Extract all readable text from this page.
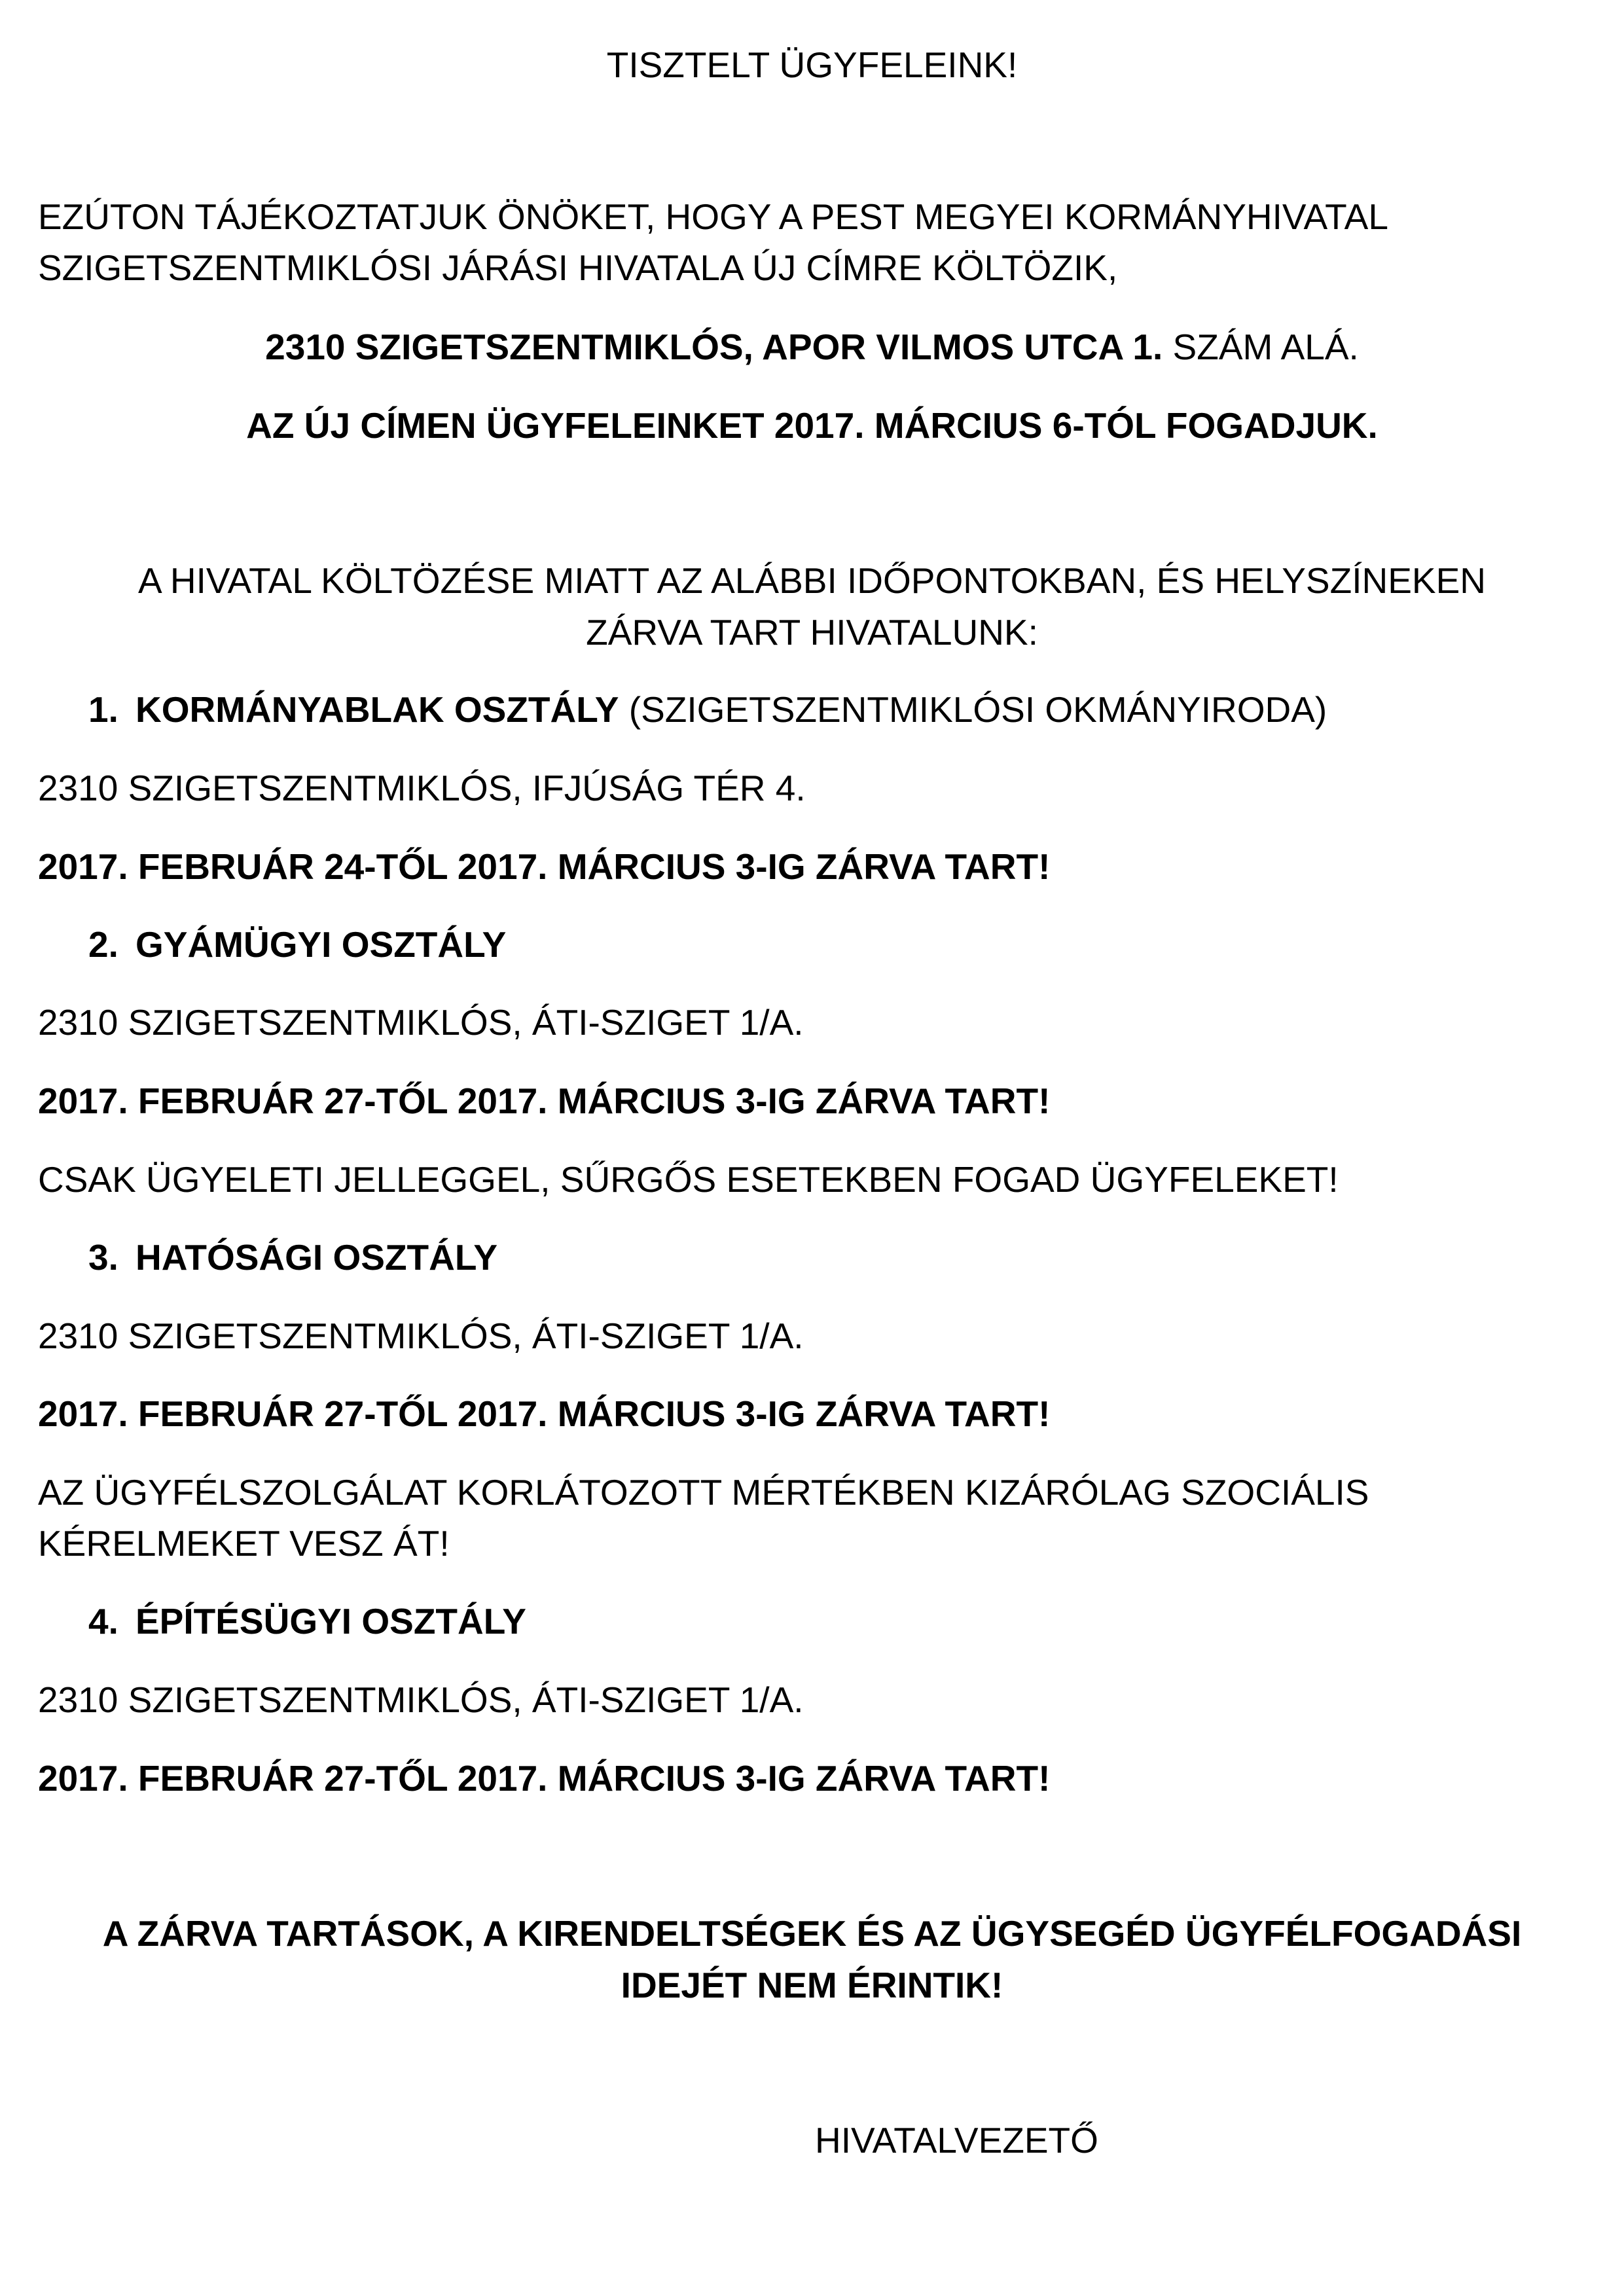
TISZTELT ÜGYFELEINK!

EZÚTON TÁJÉKOZTATJUK ÖNÖKET, HOGY A PEST MEGYEI KORMÁNYHIVATAL

SZIGETSZENTMIKLÓSI JÁRÁSI HIVATALA ÚJ CÍMRE KÖLTÖZIK,

2310 SZIGETSZENTMIKLÓS, APOR VILMOS UTCA 1. SZÁM ALÁ.

AZ ÚJ CÍMEN ÜGYFELEINKET 2017. MÁRCIUS 6-TÓL FOGADJUK.

A HIVATAL KÖLTÖZÉSE MIATT AZ ALÁBBI IDŐPONTOKBAN, ÉS HELYSZÍNEKEN

ZÁRVA TART HIVATALUNK:

1. KORMÁNYABLAK OSZTÁLY (SZIGETSZENTMIKLÓSI OKMÁNYIRODA)

2310 SZIGETSZENTMIKLÓS, IFJÚSÁG TÉR 4.

2017. FEBRUÁR 24-TŐL 2017. MÁRCIUS 3-IG ZÁRVA TART!

2. GYÁMÜGYI OSZTÁLY

2310 SZIGETSZENTMIKLÓS, ÁTI-SZIGET 1/A.

2017. FEBRUÁR 27-TŐL 2017. MÁRCIUS 3-IG ZÁRVA TART!

CSAK ÜGYELETI JELLEGGEL, SŰRGŐS ESETEKBEN FOGAD ÜGYFELEKET!

3. HATÓSÁGI OSZTÁLY

2310 SZIGETSZENTMIKLÓS, ÁTI-SZIGET 1/A.

2017. FEBRUÁR 27-TŐL 2017. MÁRCIUS 3-IG ZÁRVA TART!

AZ ÜGYFÉLSZOLGÁLAT KORLÁTOZOTT MÉRTÉKBEN KIZÁRÓLAG SZOCIÁLIS

KÉRELMEKET VESZ ÁT!

4. ÉPÍTÉSÜGYI OSZTÁLY

2310 SZIGETSZENTMIKLÓS, ÁTI-SZIGET 1/A.

2017. FEBRUÁR 27-TŐL 2017. MÁRCIUS 3-IG ZÁRVA TART!

A ZÁRVA TARTÁSOK, A KIRENDELTSÉGEK ÉS AZ ÜGYSEGÉD ÜGYFÉLFOGADÁSI

IDEJÉT NEM ÉRINTIK!

HIVATALVEZETŐ
